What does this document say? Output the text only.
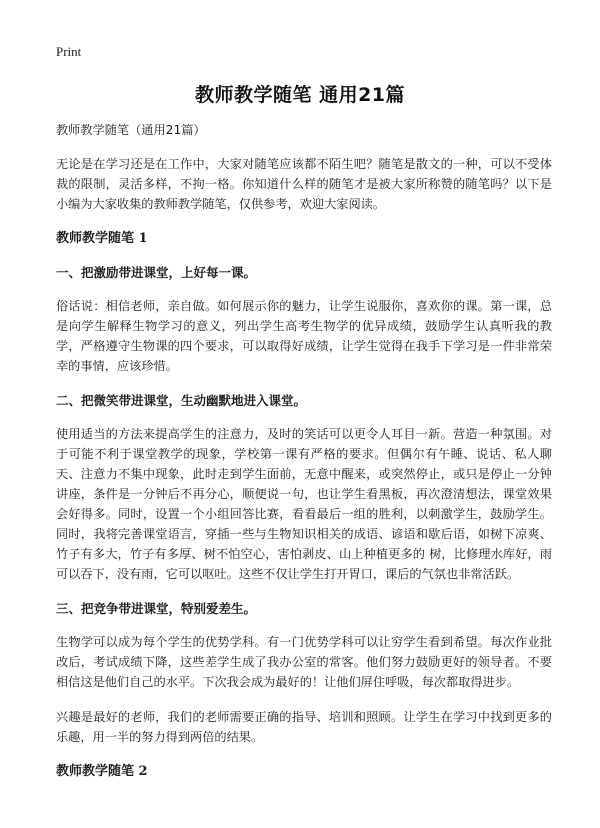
Print
教师教学随笔 通用21篇

教师教学随笔（通用21篇）

无论是在学习还是在工作中，大家对随笔应该都不陌生吧？随笔是散文的一种，可以不受体裁的限制，灵活多样，不拘一格。你知道什么样的随笔才是被大家所称赞的随笔吗？以下是小编为大家收集的教师教学随笔，仅供参考，欢迎大家阅读。

教师教学随笔 1

一、把激励带进课堂，上好每一课。

俗话说：相信老师，亲自做。如何展示你的魅力，让学生说服你，喜欢你的课。第一课，总是向学生解释生物学习的意义，列出学生高考生物学的优异成绩，鼓励学生认真听我的教学，严格遵守生物课的四个要求，可以取得好成绩，让学生觉得在我手下学习是一件非常荣幸的事情，应该珍惜。

二、把微笑带进课堂，生动幽默地进入课堂。

使用适当的方法来提高学生的注意力，及时的笑话可以更令人耳目一新。营造一种氛围。对于可能不利于课堂教学的现象，学校第一课有严格的要求。但偶尔有午睡、说话、私人聊天、注意力不集中现象，此时走到学生面前，无意中醒来，或突然停止，或只是停止一分钟讲座，条件是一分钟后不再分心，顺便说一句，也让学生看黑板，再次澄清想法，课堂效果会好得多。同时，设置一个小组回答比赛，看看最后一组的胜利，以刺激学生，鼓励学生。同时，我将完善课堂语言，穿插一些与生物知识相关的成语、谚语和歇后语，如树下凉爽、竹子有多大，竹子有多厚、树不怕空心，害怕剥皮、山上种植更多的 树，比修理水库好，雨可以吞下，没有雨，它可以呕吐。这些不仅让学生打开胃口，课后的气氛也非常活跃。

三、把竞争带进课堂，特别爱差生。

生物学可以成为每个学生的优势学科。有一门优势学科可以让穷学生看到希望。每次作业批改后，考试成绩下降，这些差学生成了我办公室的常客。他们努力鼓励更好的领导者。不要相信这是他们自己的水平。下次我会成为最好的！让他们屏住呼吸，每次都取得进步。

兴趣是最好的老师，我们的老师需要正确的指导、培训和照顾。让学生在学习中找到更多的乐趣，用一半的努力得到两倍的结果。

教师教学随笔 2
